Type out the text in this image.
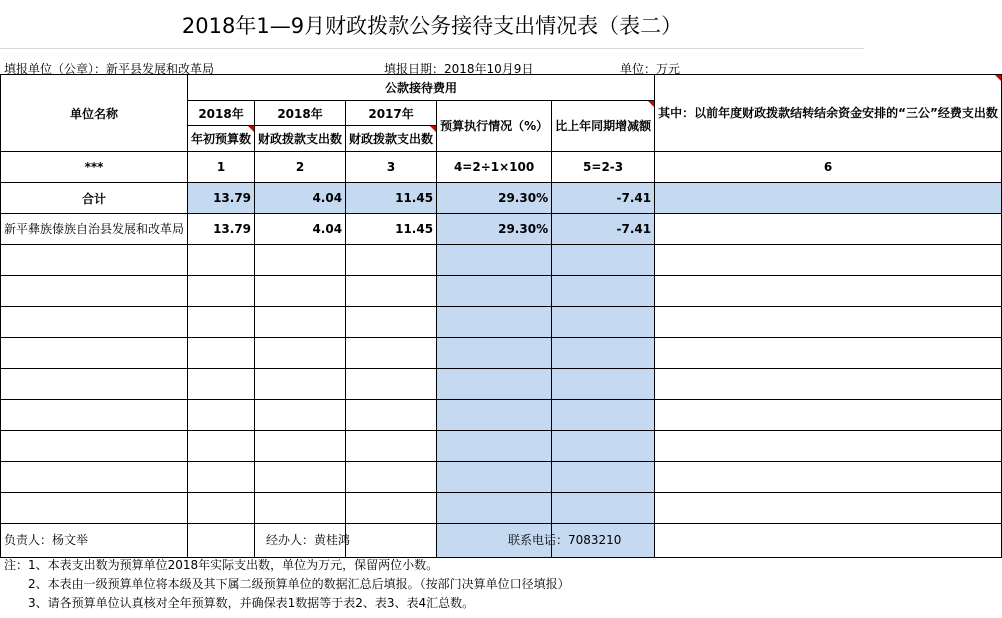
2018年1—9月财政拨款公务接待支出情况表（表二）
填报单位（公章）：新平县发展和改革局	填报日期：2018年10月9日	单位：万元
单位名称	公款接待费用					其中：以前年度财政拨款结转结余资金安排的“三公”经费支出数
	2018年	2018年	2017年	预算执行情况（%）	比上年同期增减额	
	年初预算数	财政拨款支出数	财政拨款支出数			
***	1	2	3	4=2÷1×100	5=2-3	6
合计	13.79	4.04	11.45	29.30%	-7.41	
新平彝族傣族自治县发展和改革局	13.79	4.04	11.45	29.30%	-7.41	

负责人：杨文举	经办人：黄桂鸿	联系电话：7083210
注：1、本表支出数为预算单位2018年实际支出数，单位为万元，保留两位小数。
2、本表由一级预算单位将本级及其下属二级预算单位的数据汇总后填报。（按部门决算单位口径填报）
3、请各预算单位认真核对全年预算数，并确保表1数据等于表2、表3、表4汇总数。
